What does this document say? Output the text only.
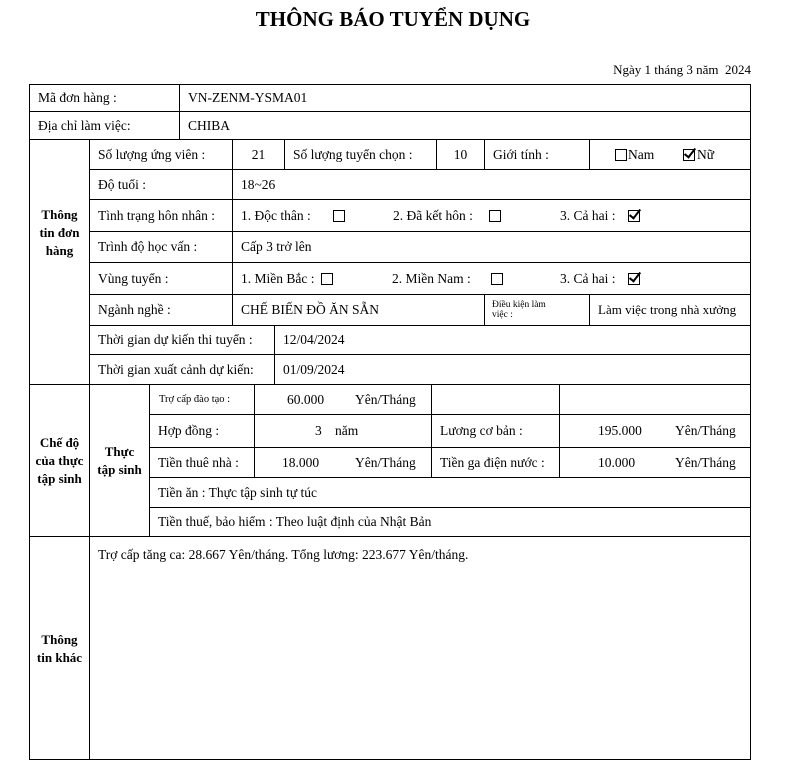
THÔNG BÁO TUYỂN DỤNG
Ngày 1 tháng 3 năm  2024
Mã đơn hàng :	VN-ZENM-YSMA01
Địa chỉ làm việc:	CHIBA
Thông
tin đơn
hàng
Số lượng ứng viên :	21 Số lượng tuyển chọn :	10 Giới tính :	Nam	Nữ
Độ tuổi :	18~26
Tình trạng hôn nhân : 1. Độc thân :	2. Đã kết hôn :	3. Cả hai :
Trình độ học vấn :	Cấp 3 trở lên
Vùng tuyển :	1. Miền Bắc :	2. Miền Nam :	3. Cả hai :
Ngành nghề :	CHẾ BIẾN ĐỒ ĂN SẴN	Điều kiện làm
việc :	Làm việc trong nhà xưởng
Thời gian dự kiến thi tuyển : 12/04/2024
Thời gian xuất cảnh dự kiến: 01/09/2024
Chế độ
của thực
tập sinh
Thực
tập sinh
Trợ cấp đào tạo :	60.000 Yên/Tháng
Hợp đồng :	3 năm	Lương cơ bản :	195.000 Yên/Tháng
Tiền thuê nhà :	18.000	Yên/Tháng Tiền ga điện nước :	10.000	Yên/Tháng
Tiền ăn : Thực tập sinh tự túc
Tiền thuế, bảo hiểm : Theo luật định của Nhật Bản
Thông
tin khác
Trợ cấp tăng ca: 28.667 Yên/tháng. Tổng lương: 223.677 Yên/tháng.
